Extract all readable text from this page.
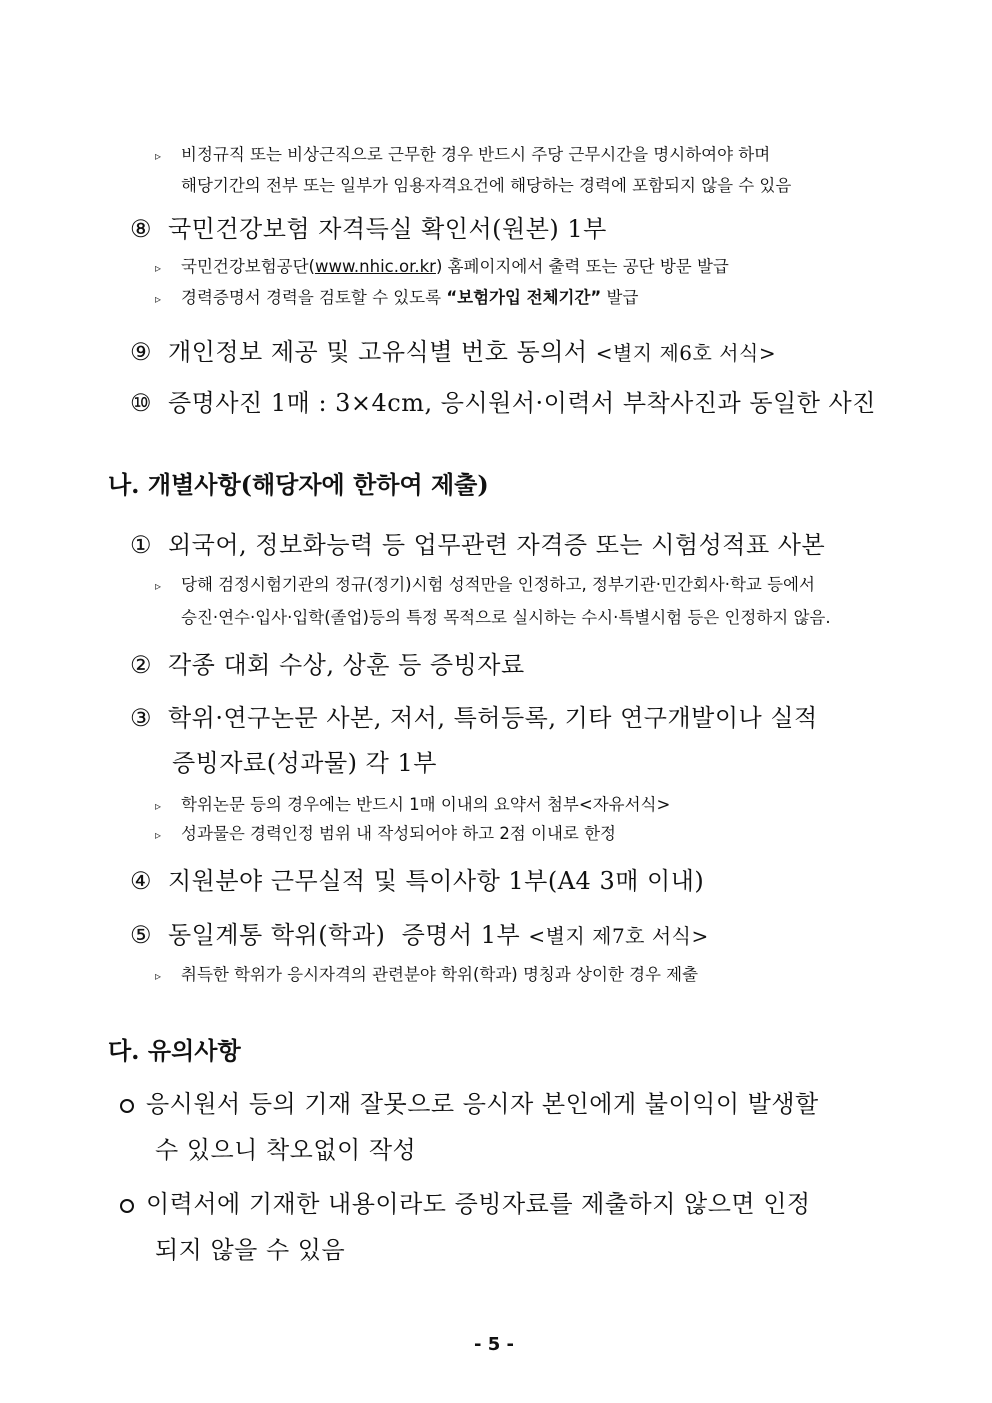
▹ 비정규직 또는 비상근직으로 근무한 경우 반드시 주당 근무시간을 명시하여야 하며
해당기간의 전부 또는 일부가 임용자격요건에 해당하는 경력에 포함되지 않을 수 있음
⑧ 국민건강보험 자격득실 확인서(원본) 1부
▹ 국민건강보험공단(www.nhic.or.kr) 홈페이지에서 출력 또는 공단 방문 발급
▹ 경력증명서 경력을 검토할 수 있도록 “보험가입 전체기간” 발급
⑨ 개인정보 제공 및 고유식별 번호 동의서 <별지 제6호 서식>
⑩ 증명사진 1매 : 3×4cm, 응시원서·이력서 부착사진과 동일한 사진
나. 개별사항(해당자에 한하여 제출)
① 외국어, 정보화능력 등 업무관련 자격증 또는 시험성적표 사본
▹ 당해 검정시험기관의 정규(정기)시험 성적만을 인정하고, 정부기관·민간회사·학교 등에서
승진·연수·입사·입학(졸업)등의 특정 목적으로 실시하는 수시·특별시험 등은 인정하지 않음.
② 각종 대회 수상, 상훈 등 증빙자료
③ 학위·연구논문 사본, 저서, 특허등록, 기타 연구개발이나 실적
증빙자료(성과물) 각 1부
▹ 학위논문 등의 경우에는 반드시 1매 이내의 요약서 첨부<자유서식>
▹ 성과물은 경력인정 범위 내 작성되어야 하고 2점 이내로 한정
④ 지원분야 근무실적 및 특이사항 1부(A4 3매 이내)
⑤ 동일계통 학위(학과)  증명서 1부 <별지 제7호 서식>
▹ 취득한 학위가 응시자격의 관련분야 학위(학과) 명칭과 상이한 경우 제출
다. 유의사항
응시원서 등의 기재 잘못으로 응시자 본인에게 불이익이 발생할
수 있으니 착오없이 작성
이력서에 기재한 내용이라도 증빙자료를 제출하지 않으면 인정
되지 않을 수 있음
- 5 -
